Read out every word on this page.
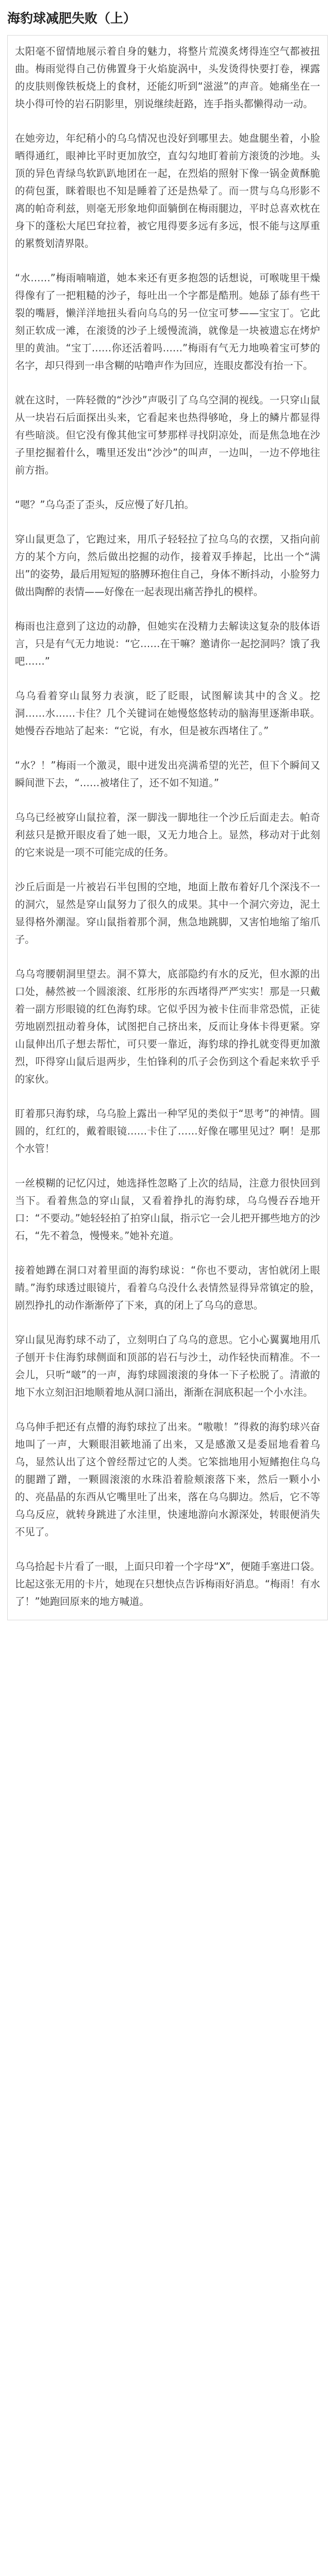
海豹球减肥失败（上）

太阳毫不留情地展示着自身的魅力，将整片荒漠炙烤得连空气都被扭曲。梅雨觉得自己仿佛置身于火焰旋涡中，头发烫得快要打卷，裸露的皮肤则像铁板烧上的食材，还能幻听到“滋滋”的声音。她痛坐在一块小得可怜的岩石阴影里，别说继续赶路，连手指头都懒得动一动。

在她旁边，年纪稍小的乌乌情况也没好到哪里去。她盘腿坐着，小脸晒得通红，眼神比平时更加放空，直勾勾地盯着前方滚烫的沙地。头顶的异色青绿鸟软趴趴地团在一起，在烈焰的照射下像一锅金黄酥脆的荷包蛋，眯着眼也不知是睡着了还是热晕了。而一贯与乌乌形影不离的帕奇利兹，则毫无形象地仰面躺倒在梅雨腿边，平时总喜欢枕在身下的蓬松大尾巴耷拉着，被它甩得要多远有多远，恨不能与这厚重的累赘划清界限。

“水……”梅雨喃喃道，她本来还有更多抱怨的话想说，可喉咙里干燥得像有了一把粗糙的沙子，每吐出一个字都是酷刑。她舔了舔有些干裂的嘴唇，懒洋洋地扭头看向乌乌的另一位宝可梦——宝宝丁。它此刻正软成一滩，在滚烫的沙子上缓慢流淌，就像是一块被遗忘在烤炉里的黄油。“宝丁……你还活着吗……”梅雨有气无力地唤着宝可梦的名字，却只得到一串含糊的咕噜声作为回应，连眼皮都没有抬一下。

就在这时，一阵轻微的“沙沙”声吸引了乌乌空洞的视线。一只穿山鼠从一块岩石后面探出头来，它看起来也热得够呛，身上的鳞片都显得有些暗淡。但它没有像其他宝可梦那样寻找阴凉处，而是焦急地在沙子里挖掘着什么，嘴里还发出“沙沙”的叫声，一边叫，一边不停地往前方指。

“嗯？”乌乌歪了歪头，反应慢了好几拍。

穿山鼠更急了，它跑过来，用爪子轻轻拉了拉乌乌的衣摆，又指向前方的某个方向，然后做出挖掘的动作，接着双手捧起，比出一个“满出”的姿势，最后用短短的胳膊环抱住自己，身体不断抖动，小脸努力做出陶醉的表情——好像在一起表现出痛苦挣扎的模样。

梅雨也注意到了这边的动静，但她实在没精力去解读这复杂的肢体语言，只是有气无力地说：“它……在干嘛？邀请你一起挖洞吗？饿了我吧……”

乌乌看着穿山鼠努力表演，眨了眨眼，试图解读其中的含义。挖洞……水……卡住？几个关键词在她慢悠悠转动的脑海里逐渐串联。她慢吞吞地站了起来：“它说，有水，但是被东西堵住了。”

“水？！”梅雨一个激灵，眼中迸发出亮满希望的光芒，但下个瞬间又瞬间泄下去，“……被堵住了，还不如不知道。”

乌乌已经被穿山鼠拉着，深一脚浅一脚地往一个沙丘后面走去。帕奇利兹只是掀开眼皮看了她一眼，又无力地合上。显然，移动对于此刻的它来说是一项不可能完成的任务。

沙丘后面是一片被岩石半包围的空地，地面上散布着好几个深浅不一的洞穴，显然是穿山鼠努力了很久的成果。其中一个洞穴旁边，泥土显得格外潮湿。穿山鼠指着那个洞，焦急地跳脚，又害怕地缩了缩爪子。

乌乌弯腰朝洞里望去。洞不算大，底部隐约有水的反光，但水源的出口处，赫然被一个圆滚滚、红彤彤的东西堵得严严实实！那是一只戴着一副方形眼镜的红色海豹球。它似乎因为被卡住而非常恐慌，正徒劳地剧烈扭动着身体，试图把自己挤出来，反而让身体卡得更紧。穿山鼠伸出爪子想去帮忙，可只要一靠近，海豹球的挣扎就变得更加激烈，吓得穿山鼠后退两步，生怕锋利的爪子会伤到这个看起来软乎乎的家伙。

盯着那只海豹球，乌乌脸上露出一种罕见的类似于“思考”的神情。圆圆的，红红的，戴着眼镜……卡住了……好像在哪里见过？啊！是那个水管！

一丝模糊的记忆闪过，她选择性忽略了上次的结局，注意力很快回到当下。看着焦急的穿山鼠，又看着挣扎的海豹球，乌乌慢吞吞地开口：“不要动。”她轻轻拍了拍穿山鼠，指示它一会儿把开挪些地方的沙石，“先不着急，慢慢来。”她补充道。

接着她蹲在洞口对着里面的海豹球说：“你也不要动，害怕就闭上眼睛。”海豹球透过眼镜片，看着乌乌没什么表情然显得异常镇定的脸，剧烈挣扎的动作渐渐停了下来，真的闭上了乌乌的意思。

穿山鼠见海豹球不动了，立刻明白了乌乌的意思。它小心翼翼地用爪子刨开卡住海豹球侧面和顶部的岩石与沙土，动作轻快而精准。不一会儿，只听“啵”的一声，海豹球圆滚滚的身体一下子松脱了。清澈的地下水立刻汩汩地顺着地从洞口涌出，渐渐在洞底积起一个小水洼。

乌乌伸手把还有点懵的海豹球拉了出来。“嗷嗷！”得救的海豹球兴奋地叫了一声，大颗眼泪簌地涌了出来，又是感激又是委屈地看着乌乌，显然认出了这个曾经帮过它的人类。它笨拙地用小短鳍抱住乌乌的腿蹭了蹭，一颗圆滚滚的水珠沿着脸颊滚落下来，然后一颗小小的、亮晶晶的东西从它嘴里吐了出来，落在乌乌脚边。然后，它不等乌乌反应，就转身跳进了水洼里，快速地游向水源深处，转眼便消失不见了。

乌乌拾起卡片看了一眼，上面只印着一个字母“X”，便随手塞进口袋。比起这张无用的卡片，她现在只想快点告诉梅雨好消息。“梅雨！有水了！”她跑回原来的地方喊道。
